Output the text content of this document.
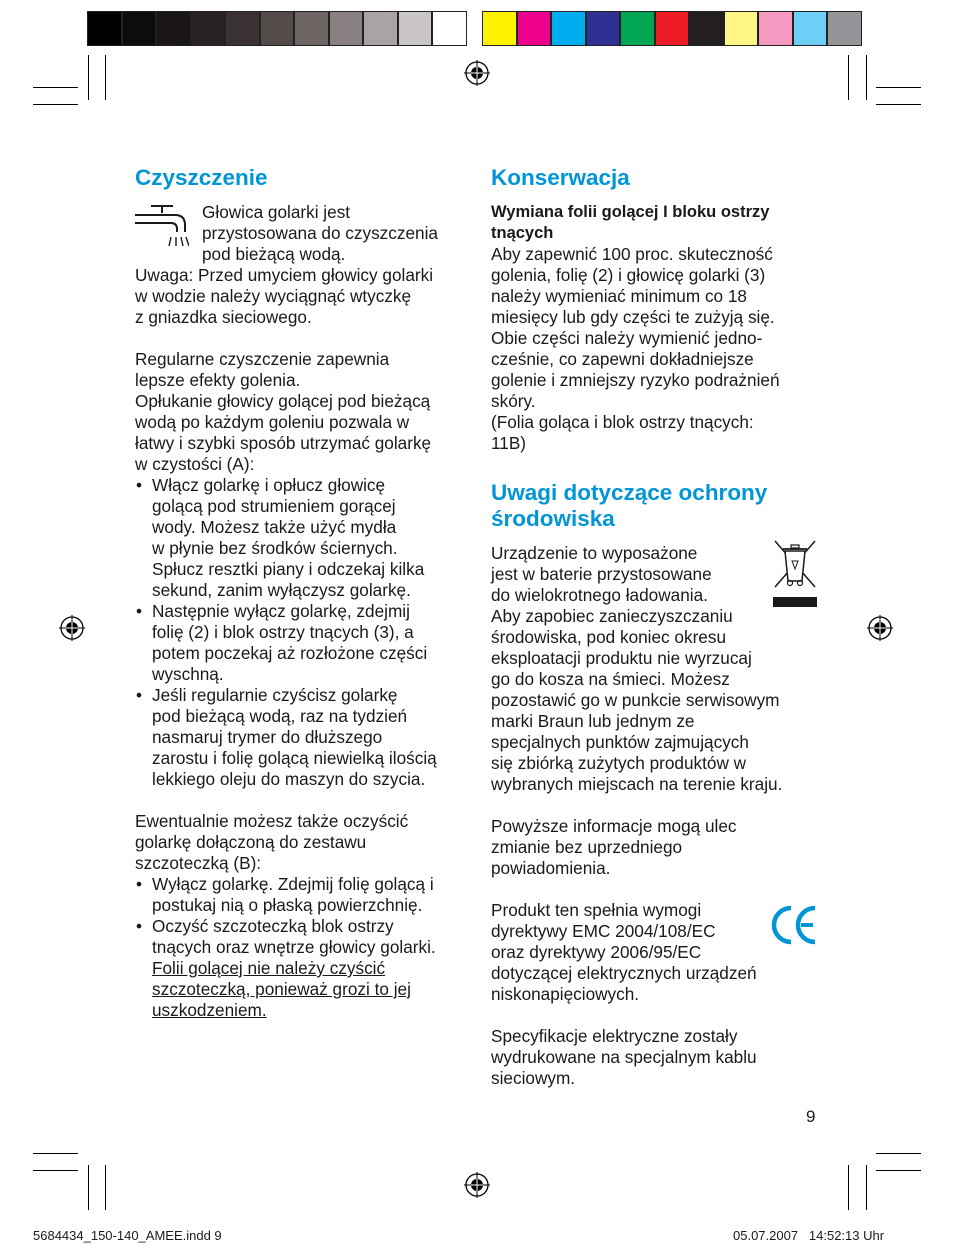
Czyszczenie

Głowica golarki jest

przystosowana do czyszczenia

pod bieżącą wodą.

Uwaga: Przed umyciem głowicy golarki

w wodzie należy wyciągnąć wtyczkę

z gniazdka sieciowego.

Regularne czyszczenie zapewnia

lepsze efekty golenia.

Opłukanie głowicy golącej pod bieżącą

wodą po każdym goleniu pozwala w

łatwy i szybki sposób utrzymać golarkę

w czystości (A):

• Włącz golarkę i opłucz głowicę

golącą pod strumieniem gorącej

wody. Możesz także użyć mydła

w płynie bez środków ściernych.

Spłucz resztki piany i odczekaj kilka

sekund, zanim wyłączysz golarkę.

• Następnie wyłącz golarkę, zdejmij

folię (2) i blok ostrzy tnących (3), a

potem poczekaj aż rozłożone części

wyschną.

• Jeśli regularnie czyścisz golarkę

pod bieżącą wodą, raz na tydzień

nasmaruj trymer do dłuższego

zarostu i folię golącą niewielką ilością

lekkiego oleju do maszyn do szycia.

Ewentualnie możesz także oczyścić

golarkę dołączoną do zestawu

szczoteczką (B):

• Wyłącz golarkę. Zdejmij folię golącą i

postukaj nią o płaską powierzchnię.

• Oczyść szczoteczką blok ostrzy

tnących oraz wnętrze głowicy golarki.

Folii golącej nie należy czyścić

szczoteczką, ponieważ grozi to jej

uszkodzeniem.

Konserwacja

Wymiana folii golącej I bloku ostrzy

tnących

Aby zapewnić 100 proc. skuteczność

golenia, folię (2) i głowicę golarki (3)

należy wymieniać minimum co 18

miesięcy lub gdy części te zużyją się.

Obie części należy wymienić jedno-

cześnie, co zapewni dokładniejsze

golenie i zmniejszy ryzyko podrażnień

skóry.

(Folia goląca i blok ostrzy tnących:

11B)

Uwagi dotyczące ochrony
środowiska

Urządzenie to wyposażone

jest w baterie przystosowane

do wielokrotnego ładowania.

Aby zapobiec zanieczyszczaniu

środowiska, pod koniec okresu

eksploatacji produktu nie wyrzucaj

go do kosza na śmieci. Możesz

pozostawić go w punkcie serwisowym

marki Braun lub jednym ze

specjalnych punktów zajmujących

się zbiórką zużytych produktów w

wybranych miejscach na terenie kraju.

Powyższe informacje mogą ulec

zmianie bez uprzedniego

powiadomienia.

Produkt ten spełnia wymogi

dyrektywy EMC 2004/108/EC

oraz dyrektywy 2006/95/EC

dotyczącej elektrycznych urządzeń

niskonapięciowych.

Specyfikacje elektryczne zostały

wydrukowane na specjalnym kablu

sieciowym.

9
5684434_150-140_AMEE.indd 9	05.07.2007   14:52:13 Uhr
